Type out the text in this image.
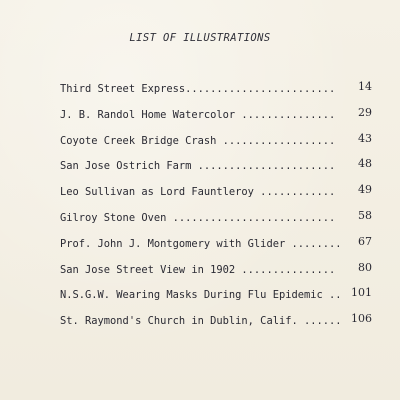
LIST OF ILLUSTRATIONS
Third Street Express........................ 14
J. B. Randol Home Watercolor ............... 29
Coyote Creek Bridge Crash .................. 43
San Jose Ostrich Farm ...................... 48
Leo Sullivan as Lord Fauntleroy ............ 49
Gilroy Stone Oven .......................... 58
Prof. John J. Montgomery with Glider ........ 67
San Jose Street View in 1902 ............... 80
N.S.G.W. Wearing Masks During Flu Epidemic .. 101
St. Raymond's Church in Dublin, Calif. ...... 106
